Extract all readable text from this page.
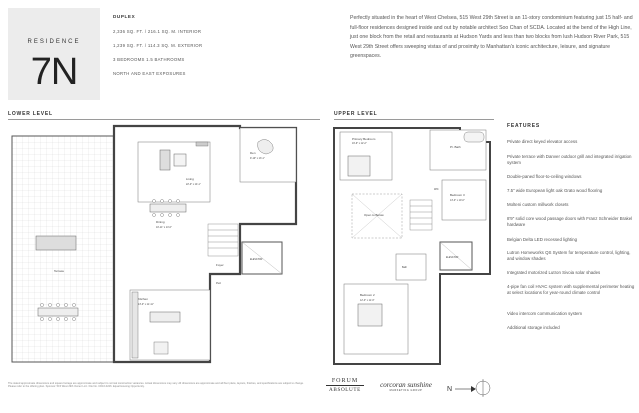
RESIDENCE
7N
DUPLEX
2,336 SQ. FT. / 216.1 SQ. M. INTERIOR
1,239 SQ. FT. / 114.3 SQ. M. EXTERIOR
3 BEDROOMS 1.5 BATHROOMS
NORTH AND EAST EXPOSURES
Perfectly situated in the heart of West Chelsea, 515 West 29th Street is an 11-story condominium featuring just 15 half- and full-floor residences designed inside and out by notable architect Soo Chan of SCDA. Located at the bend of the High Line, just one block from the retail and restaurants at Hudson Yards and less than two blocks from lush Hudson River Park, 515 West 29th Street offers sweeping vistas of and proximity to Manhattan's iconic architecture, leisure, and signature greenspaces.
LOWER LEVEL	UPPER LEVEL
FEATURES
Private direct keyed elevator access
Private terrace with Danver outdoor grill and integrated irrigation system
Double-paned floor-to-ceiling windows
7.5" wide European light oak Grato wood flooring
Molteni custom millwork closets
8'9" solid core wood passage doors with Franz Schneider Brakel hardware
Belgian Delta LED recessed lighting
Lutron Homeworks QS System for temperature control, lighting, and window shades
Integrated motorized Lutron Sivoia solar shades
4-pipe fan coil HVAC system with supplemental perimeter heating at select locations for year-round climate control
Video intercom communication system
Additional storage included
Den
9'-10" x 13'-1"
Living
22'-0" x 14'-1"
Dining
10'-11" x 14'-0"
Terrace
Kitchen
13'-0" x 11'-11"
Foyer
ELEVATOR
Pwd
Primary Bedroom
16'-9" x 12'-2"
Pr. Bath
Open to Below
Bedroom 3
13'-0" x 10'-0"
Bedroom 2
12'-0" x 11'-0"
Bath
ELEVATOR
WIC
The stated approximate dimensions and square footage are approximate and subject to normal construction variances. Actual dimensions may vary. All dimensions are approximate and all floor plans, layouts, finishes, and specifications are subject to change. Please refer to the offering plan. Sponsor: 515 West 29th Owner LLC. File No. CD16-0226. Equal Housing Opportunity.
FORUM
ABSOLUTE
corcoran sunshine
MARKETING GROUP	N
